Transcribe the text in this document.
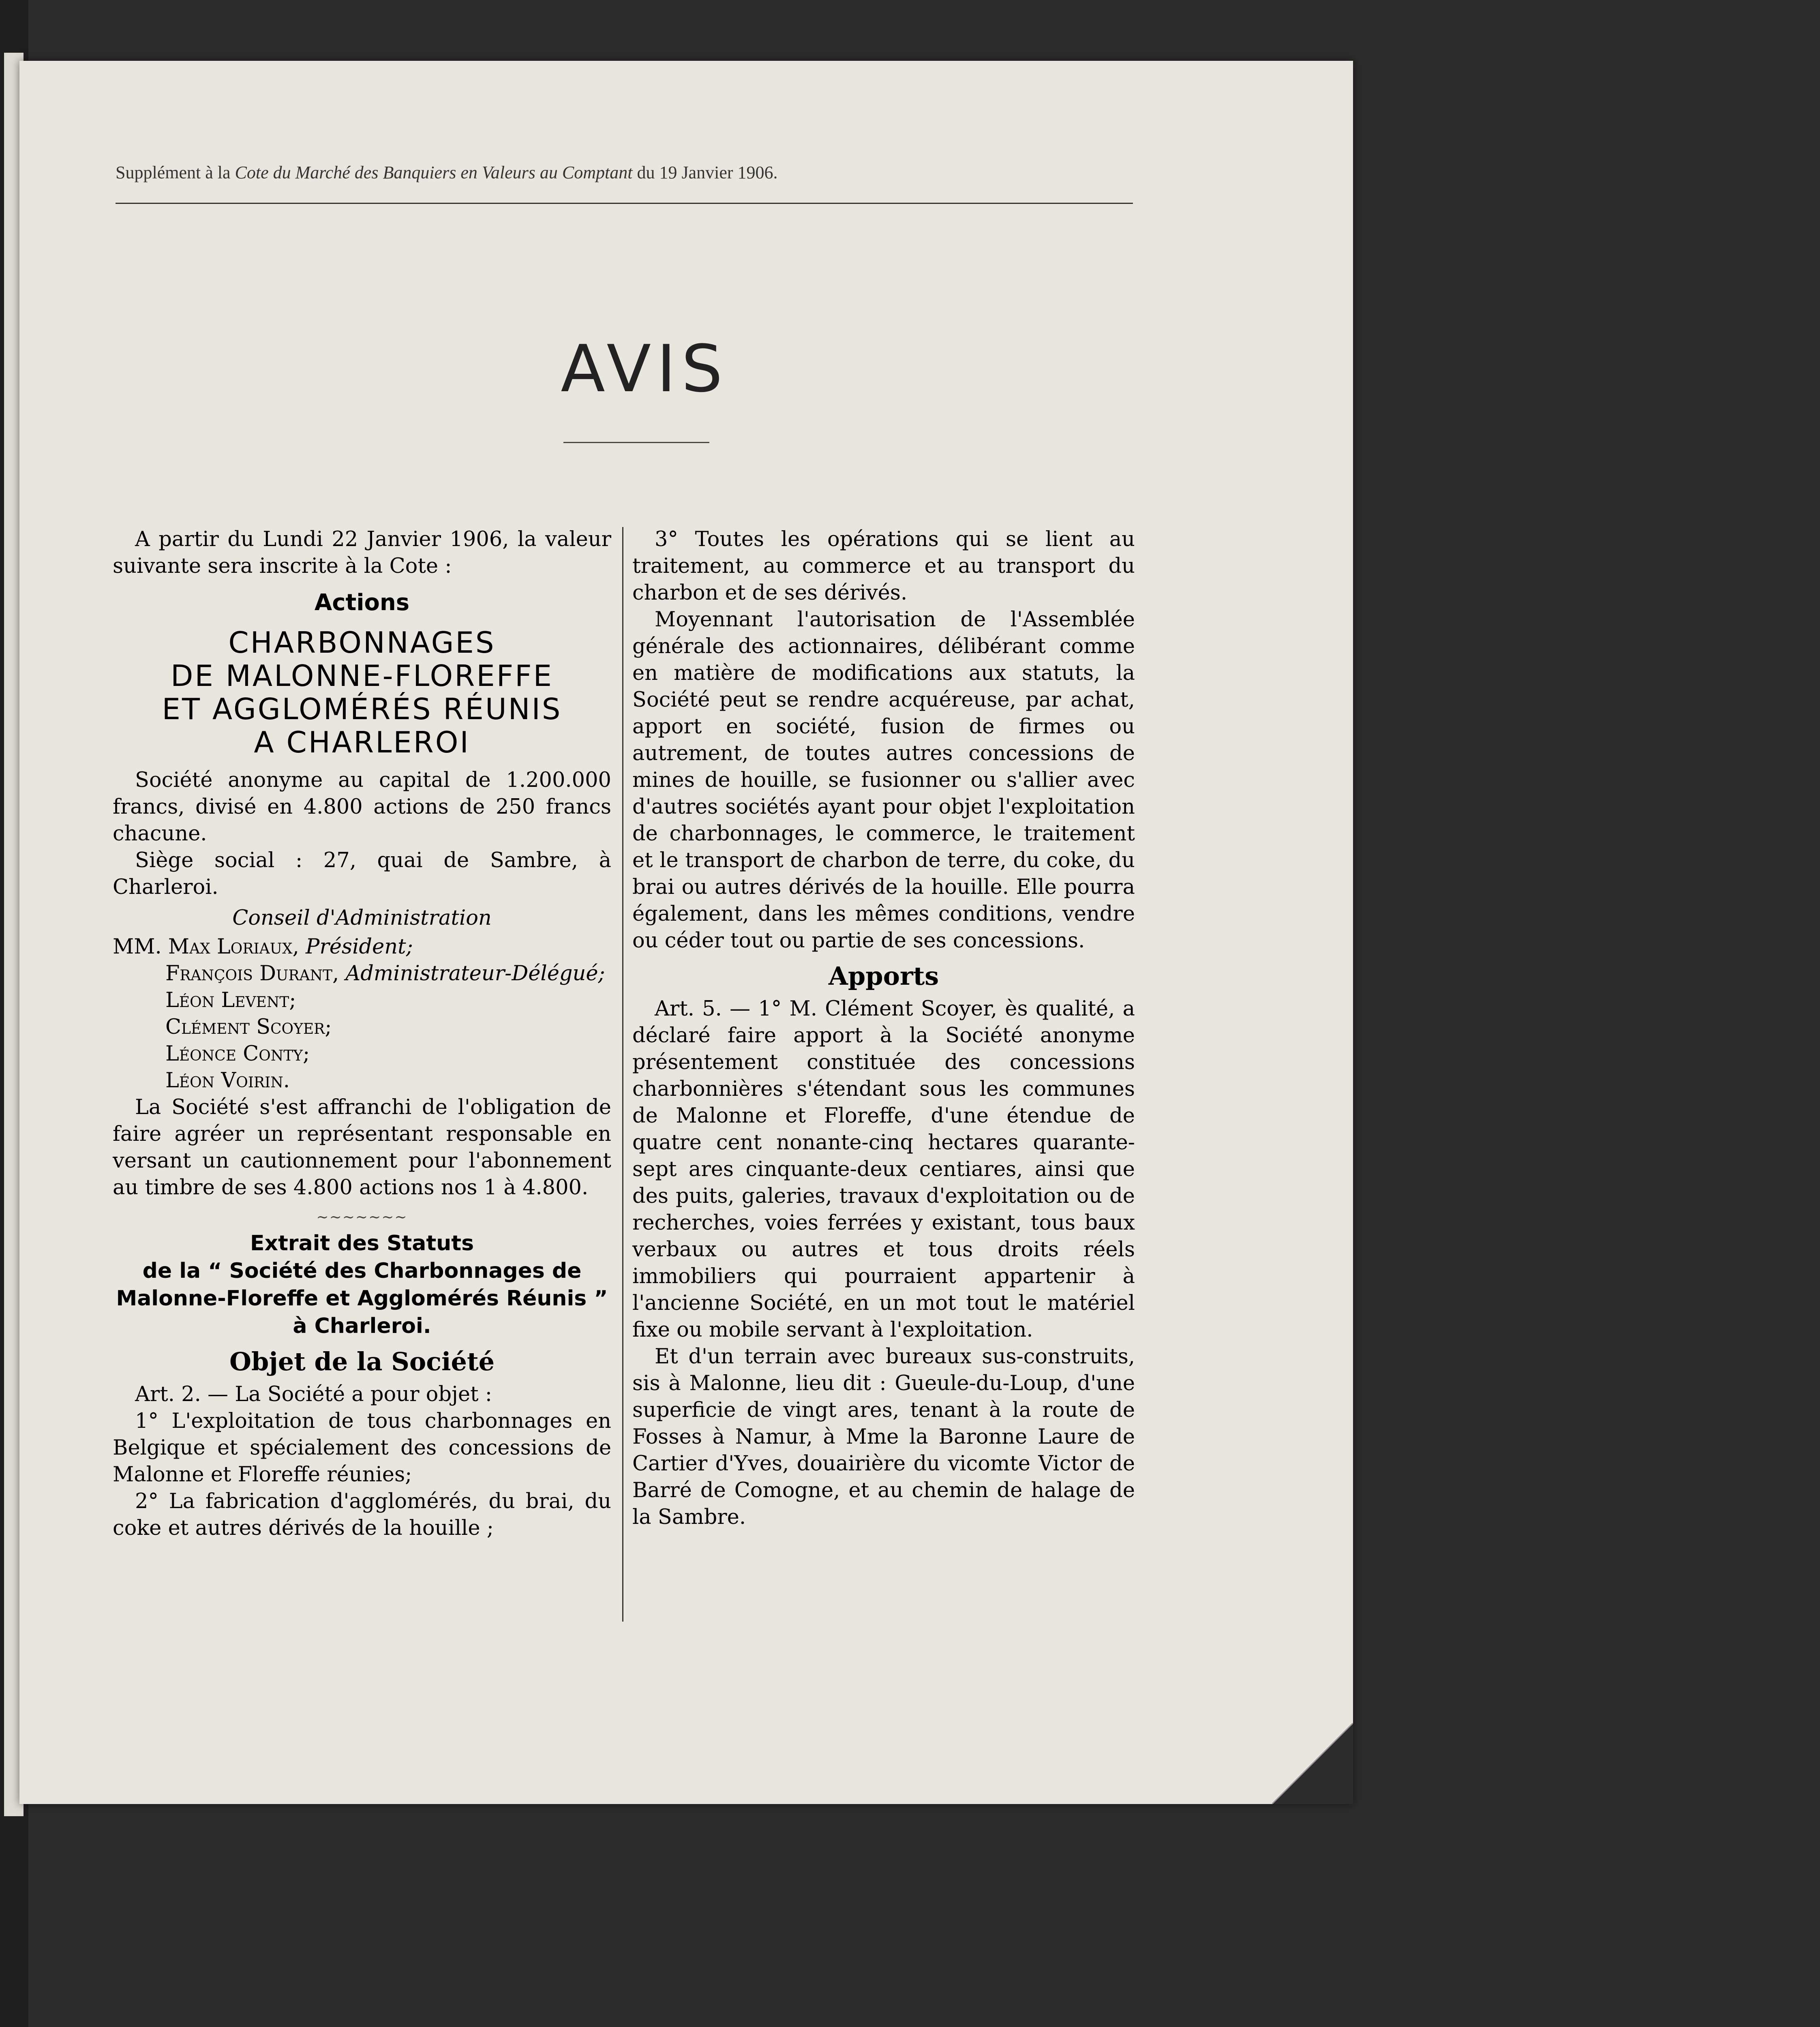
Supplément à la Cote du Marché des Banquiers en Valeurs au Comptant du 19 Janvier 1906.
AVIS

A partir du Lundi 22 Janvier 1906, la valeur suivante sera inscrite à la Cote :

Actions
CHARBONNAGES
DE MALONNE-FLOREFFE
ET AGGLOMÉRÉS RÉUNIS
A CHARLEROI

Société anonyme au capital de 1.200.000 francs, divisé en 4.800 actions de 250 francs chacune.

Siège social : 27, quai de Sambre, à Charleroi.

Conseil d'Administration
MM. Max Loriaux, Président;
François Durant, Administrateur-Délégué;
Léon Levent;
Clément Scoyer;
Léonce Conty;
Léon Voirin.

La Société s'est affranchi de l'obligation de faire agréer un représentant responsable en versant un cautionnement pour l'abonnement au timbre de ses 4.800 actions nos 1 à 4.800.

~~~~~~~
Extrait des Statuts
de la “ Société des Charbonnages de
Malonne-Floreffe et Agglomérés Réunis ”
à Charleroi.
Objet de la Société

Art. 2. — La Société a pour objet :

1° L'exploitation de tous charbonnages en Belgique et spécialement des concessions de Malonne et Floreffe réunies;

2° La fabrication d'agglomérés, du brai, du coke et autres dérivés de la houille ;

3° Toutes les opérations qui se lient au traitement, au commerce et au transport du charbon et de ses dérivés.

Moyennant l'autorisation de l'Assemblée générale des actionnaires, délibérant comme en matière de modifications aux statuts, la Société peut se rendre acquéreuse, par achat, apport en société, fusion de firmes ou autrement, de toutes autres concessions de mines de houille, se fusionner ou s'allier avec d'autres sociétés ayant pour objet l'exploitation de charbonnages, le commerce, le traitement et le transport de charbon de terre, du coke, du brai ou autres dérivés de la houille. Elle pourra également, dans les mêmes conditions, vendre ou céder tout ou partie de ses concessions.

Apports

Art. 5. — 1° M. Clément Scoyer, ès qualité, a déclaré faire apport à la Société anonyme présentement constituée des concessions charbonnières s'étendant sous les communes de Malonne et Floreffe, d'une étendue de quatre cent nonante-cinq hectares quarante-sept ares cinquante-deux centiares, ainsi que des puits, galeries, travaux d'exploitation ou de recherches, voies ferrées y existant, tous baux verbaux ou autres et tous droits réels immobiliers qui pourraient appartenir à l'ancienne Société, en un mot tout le matériel fixe ou mobile servant à l'exploitation.

Et d'un terrain avec bureaux sus-construits, sis à Malonne, lieu dit : Gueule-du-Loup, d'une superficie de vingt ares, tenant à la route de Fosses à Namur, à Mme la Baronne Laure de Cartier d'Yves, douairière du vicomte Victor de Barré de Comogne, et au chemin de halage de la Sambre.
